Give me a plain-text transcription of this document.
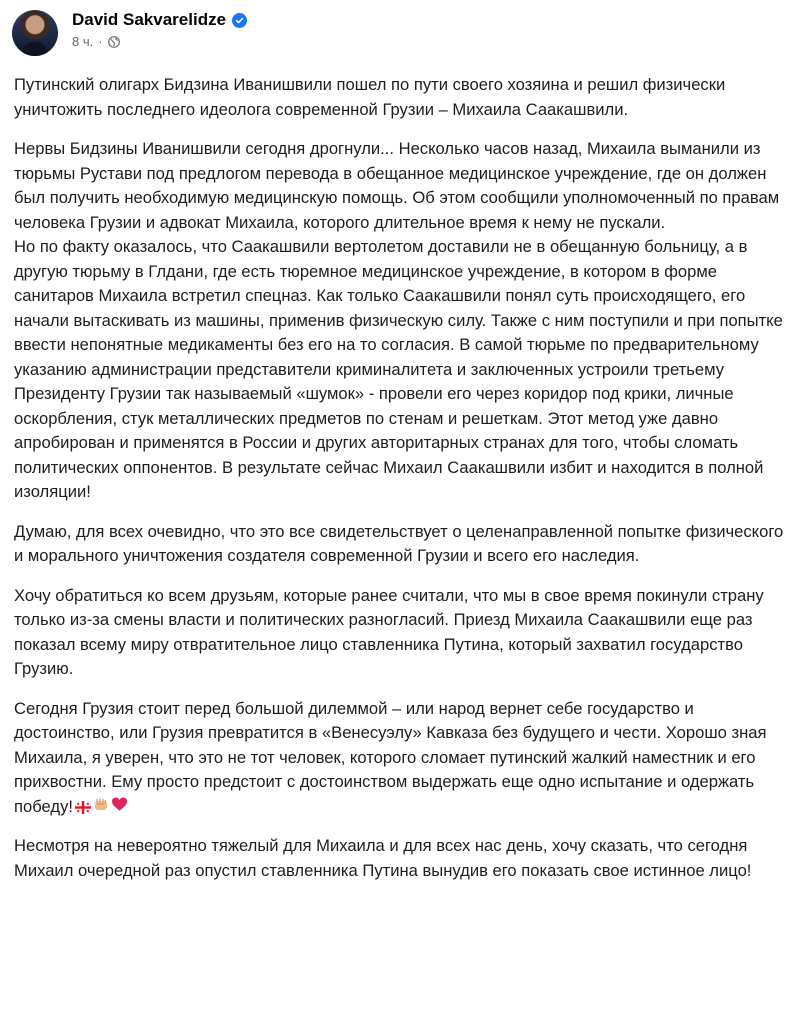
David Sakvarelidze
8 ч. ·

Путинский олигарх Бидзина Иванишвили пошел по пути своего хозяина и решил физически уничтожить последнего идеолога современной Грузии – Михаила Саакашвили.

Нервы Бидзины Иванишвили сегодня дрогнули... Несколько часов назад, Михаила выманили из тюрьмы Рустави под предлогом перевода в обещанное медицинское учреждение, где он должен был получить необходимую медицинскую помощь. Об этом сообщили уполномоченный по правам человека Грузии и адвокат Михаила, которого длительное время к нему не пускали.

Но по факту оказалось, что Саакашвили вертолетом доставили не в обещанную больницу, а в другую тюрьму в Глдани, где есть тюремное медицинское учреждение, в котором в форме санитаров Михаила встретил спецназ. Как только Саакашвили понял суть происходящего, его начали вытаскивать из машины, применив физическую силу. Также с ним поступили и при попытке ввести непонятные медикаменты без его на то согласия. В самой тюрьме по предварительному указанию администрации представители криминалитета и заключенных устроили третьему Президенту Грузии так называемый «шумок» - провели его через коридор под крики, личные оскорбления, стук металлических предметов по стенам и решеткам. Этот метод уже давно апробирован и применятся в России и других авторитарных странах для того, чтобы сломать политических оппонентов. В результате сейчас Михаил Саакашвили избит и находится в полной изоляции!

Думаю, для всех очевидно, что это все свидетельствует о целенаправленной попытке физического и морального уничтожения создателя современной Грузии и всего его наследия.

Хочу обратиться ко всем друзьям, которые ранее считали, что мы в свое время покинули страну только из-за смены власти и политических разногласий. Приезд Михаила Саакашвили еще раз показал всему миру отвратительное лицо ставленника Путина, который захватил государство Грузию.

Сегодня Грузия стоит перед большой дилеммой – или народ вернет себе государство и достоинство, или Грузия превратится в «Венесуэлу» Кавказа без будущего и чести. Хорошо зная Михаила, я уверен, что это не тот человек, которого сломает путинский жалкий наместник и его прихвостни. Ему просто предстоит с достоинством выдержать еще одно испытание и одержать победу!

Несмотря на невероятно тяжелый для Михаила и для всех нас день, хочу сказать, что сегодня Михаил очередной раз опустил ставленника Путина вынудив его показать свое истинное лицо!
